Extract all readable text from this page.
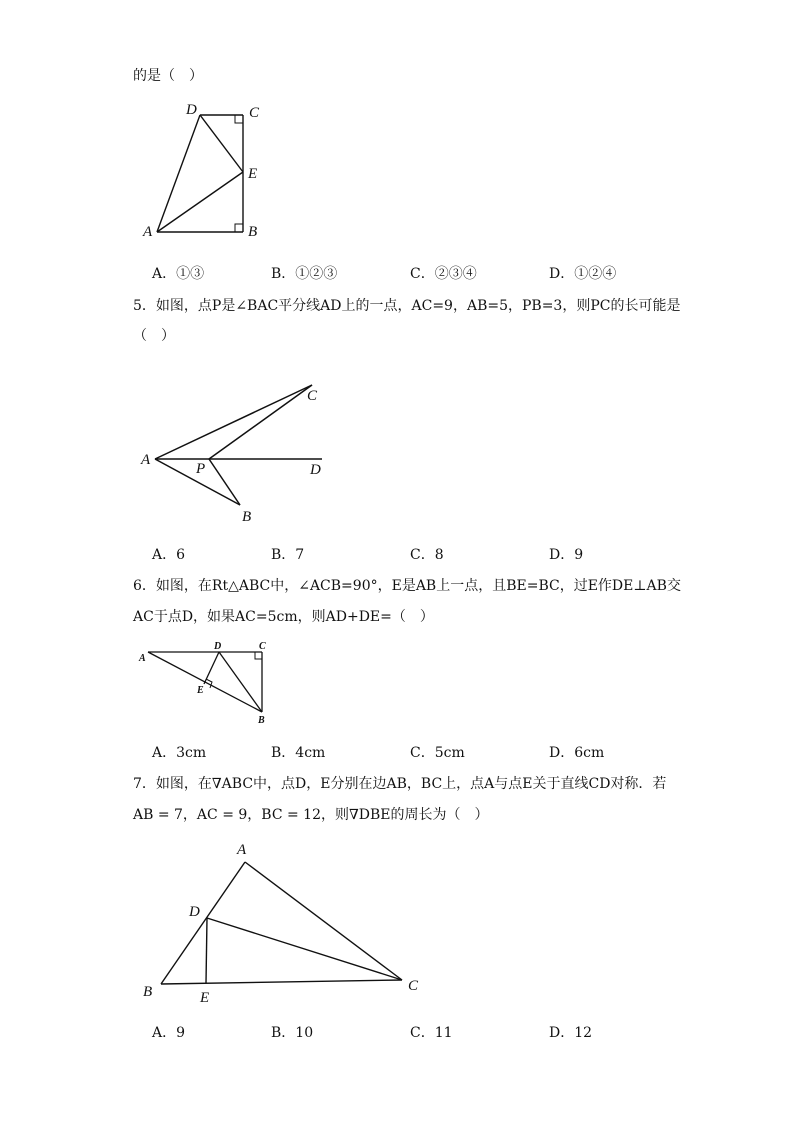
的是（　）
D	C
E
A	B
A．①③	B．①②③	C．②③④	D．①②④
5．如图，点P是∠BAC平分线AD上的一点，AC=9，AB=5，PB=3，则PC的长可能是
（　）
A
P	D
C
B
A．6	B．7	C．8	D．9
6．如图，在Rt△ABC中，∠ACB=90°，E是AB上一点，且BE=BC，过E作DE⊥AB交
AC于点D，如果AC=5cm，则AD+DE=（　）
A
D	C
E
B
A．3cm	B．4cm	C．5cm	D．6cm
7．如图，在∇ABC中，点D，E分别在边AB，BC上，点A与点E关于直线CD对称．若
AB = 7，AC = 9，BC = 12，则∇DBE的周长为（　）
A
D
B	E
C
A．9	B．10	C．11	D．12
